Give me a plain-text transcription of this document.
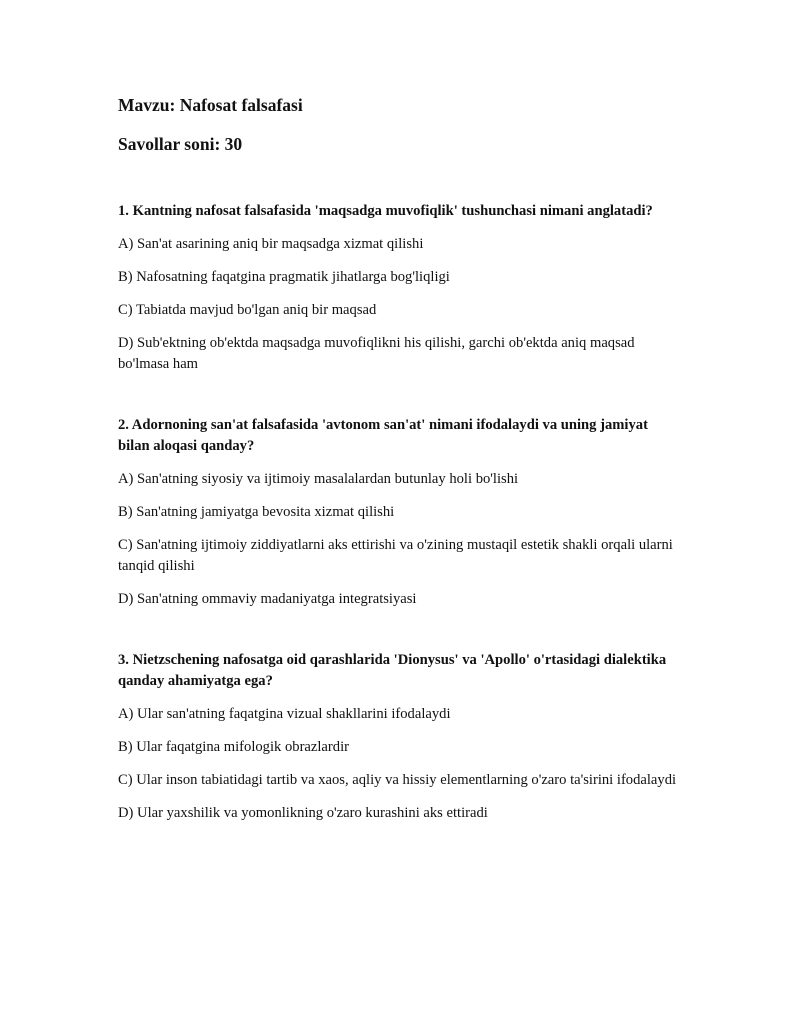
Mavzu: Nafosat falsafasi

Savollar soni: 30

1. Kantning nafosat falsafasida 'maqsadga muvofiqlik' tushunchasi nimani anglatadi?

A) San'at asarining aniq bir maqsadga xizmat qilishi

B) Nafosatning faqatgina pragmatik jihatlarga bog'liqligi

C) Tabiatda mavjud bo'lgan aniq bir maqsad

D) Sub'ektning ob'ektda maqsadga muvofiqlikni his qilishi, garchi ob'ektda aniq maqsad bo'lmasa ham

2. Adornoning san'at falsafasida 'avtonom san'at' nimani ifodalaydi va uning jamiyat bilan aloqasi qanday?

A) San'atning siyosiy va ijtimoiy masalalardan butunlay holi bo'lishi

B) San'atning jamiyatga bevosita xizmat qilishi

C) San'atning ijtimoiy ziddiyatlarni aks ettirishi va o'zining mustaqil estetik shakli orqali ularni tanqid qilishi

D) San'atning ommaviy madaniyatga integratsiyasi

3. Nietzschening nafosatga oid qarashlarida 'Dionysus' va 'Apollo' o'rtasidagi dialektika qanday ahamiyatga ega?

A) Ular san'atning faqatgina vizual shakllarini ifodalaydi

B) Ular faqatgina mifologik obrazlardir

C) Ular inson tabiatidagi tartib va xaos, aqliy va hissiy elementlarning o'zaro ta'sirini ifodalaydi

D) Ular yaxshilik va yomonlikning o'zaro kurashini aks ettiradi
